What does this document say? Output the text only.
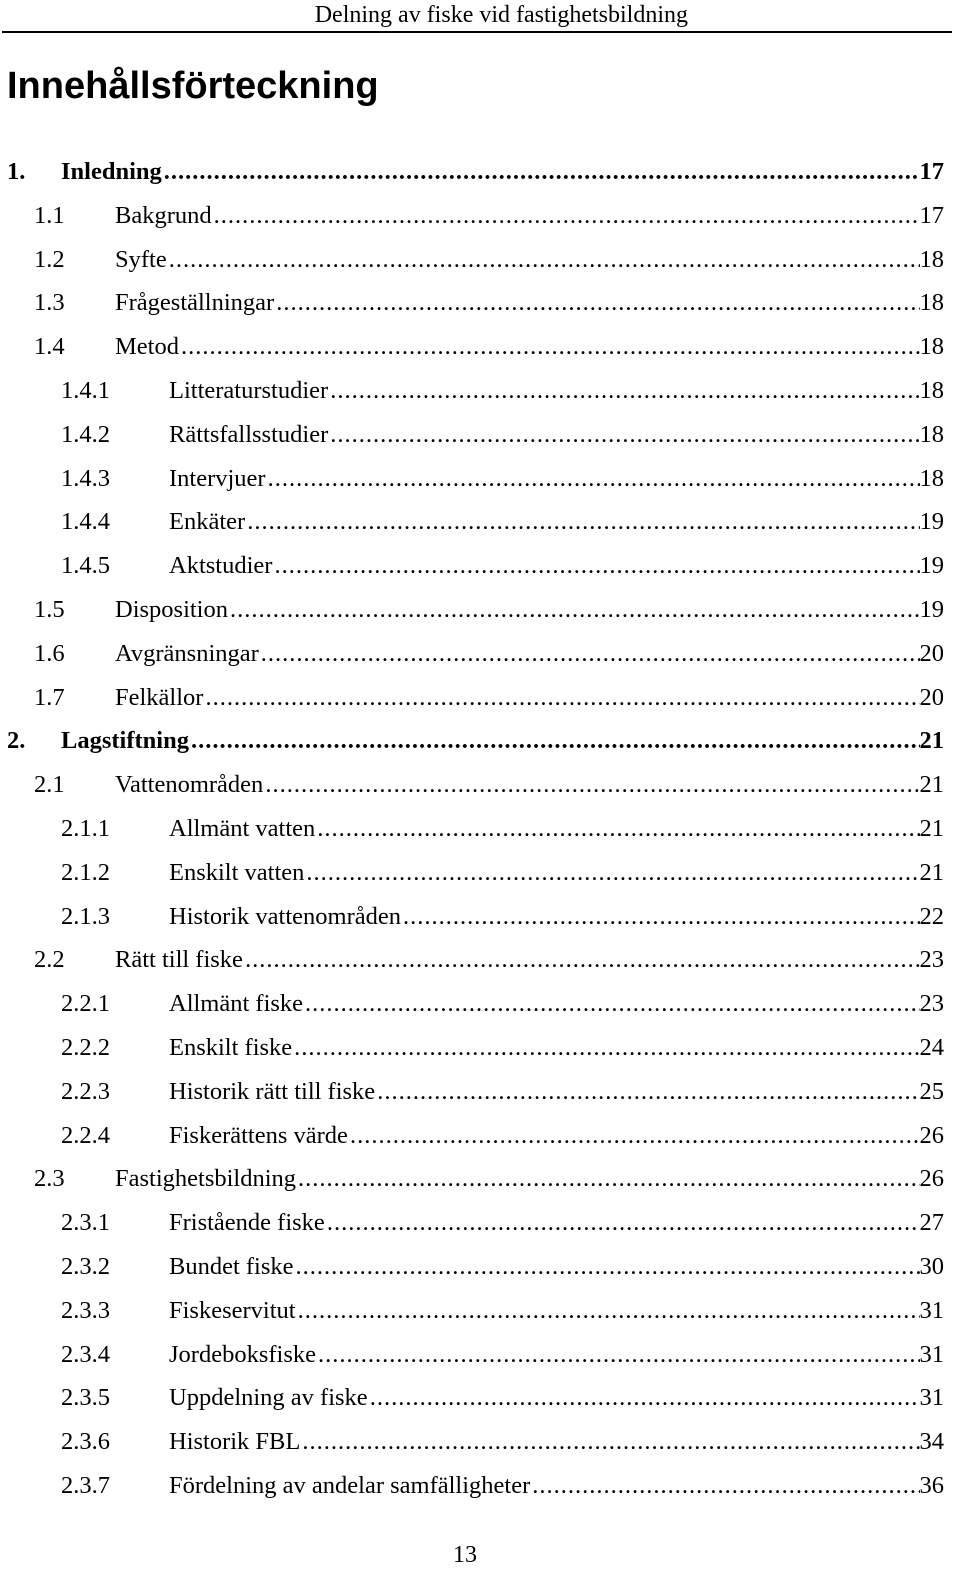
Delning av fiske vid fastighetsbildning
Innehållsförteckning
1. Inledning .....	17
1.1 Bakgrund .....	17
1.2 Syfte .....	18
1.3 Frågeställningar .....	18
1.4 Metod .....	18
1.4.1 Litteraturstudier .....	18
1.4.2 Rättsfallsstudier .....	18
1.4.3 Intervjuer .....	18
1.4.4 Enkäter .....	19
1.4.5 Aktstudier .....	19
1.5 Disposition .....	19
1.6 Avgränsningar .....	20
1.7 Felkällor .....	20
2. Lagstiftning .....	21
2.1 Vattenområden .....	21
2.1.1 Allmänt vatten .....	21
2.1.2 Enskilt vatten .....	21
2.1.3 Historik vattenområden .....	22
2.2 Rätt till fiske .....	23
2.2.1 Allmänt fiske .....	23
2.2.2 Enskilt fiske .....	24
2.2.3 Historik rätt till fiske .....	25
2.2.4 Fiskerättens värde .....	26
2.3 Fastighetsbildning .....	26
2.3.1 Fristående fiske .....	27
2.3.2 Bundet fiske .....	30
2.3.3 Fiskeservitut .....	31
2.3.4 Jordeboksfiske .....	31
2.3.5 Uppdelning av fiske .....	31
2.3.6 Historik FBL .....	34
2.3.7 Fördelning av andelar samfälligheter .....	36
13
